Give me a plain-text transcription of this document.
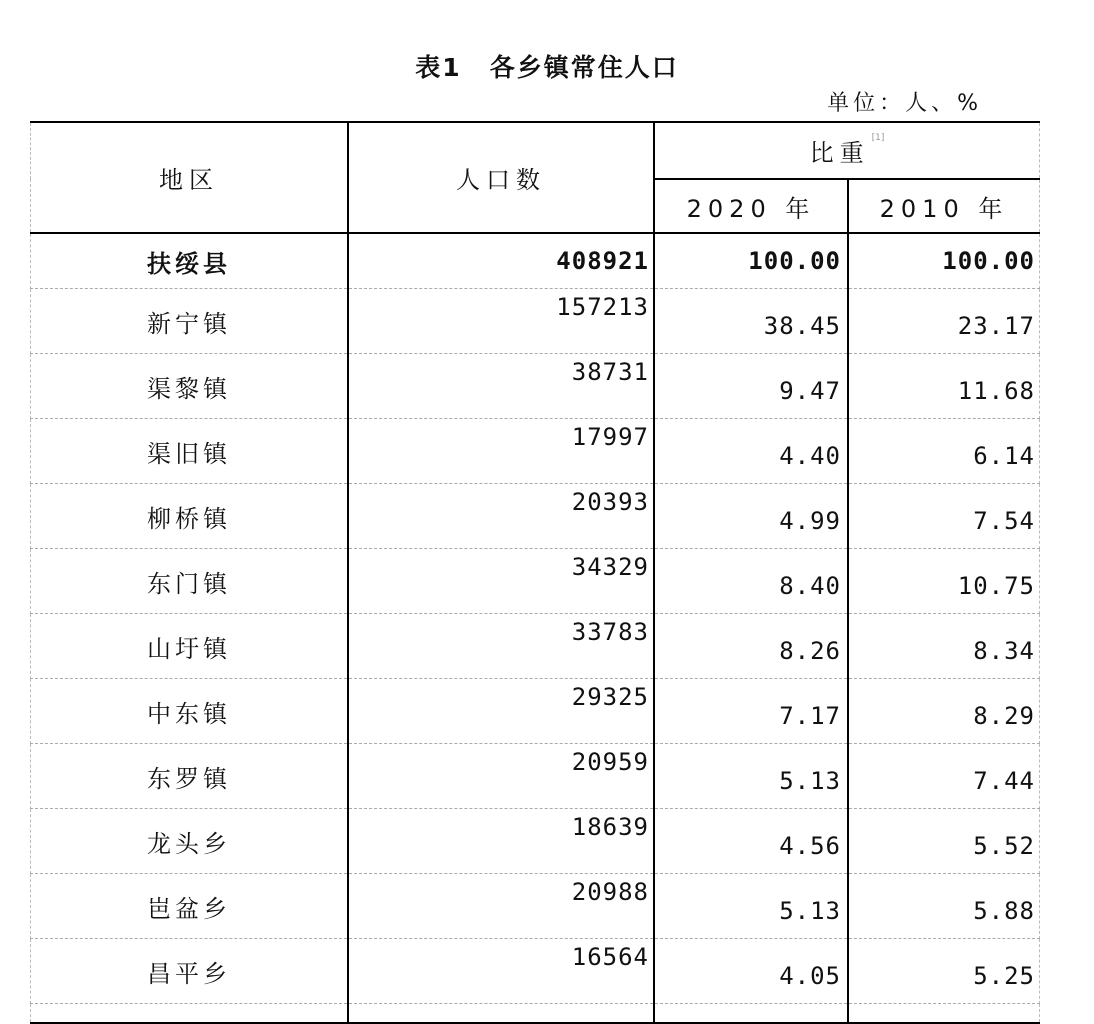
表1 各乡镇常住人口
单位：人、%
地区	人口数	比重[1]
		2020 年	2010 年
扶绥县	408921	100.00	100.00
新宁镇	157213	38.45	23.17
渠黎镇	38731	9.47	11.68
渠旧镇	17997	4.40	6.14
柳桥镇	20393	4.99	7.54
东门镇	34329	8.40	10.75
山圩镇	33783	8.26	8.34
中东镇	29325	7.17	8.29
东罗镇	20959	5.13	7.44
龙头乡	18639	4.56	5.52
岜盆乡	20988	5.13	5.88
昌平乡	16564	4.05	5.25
